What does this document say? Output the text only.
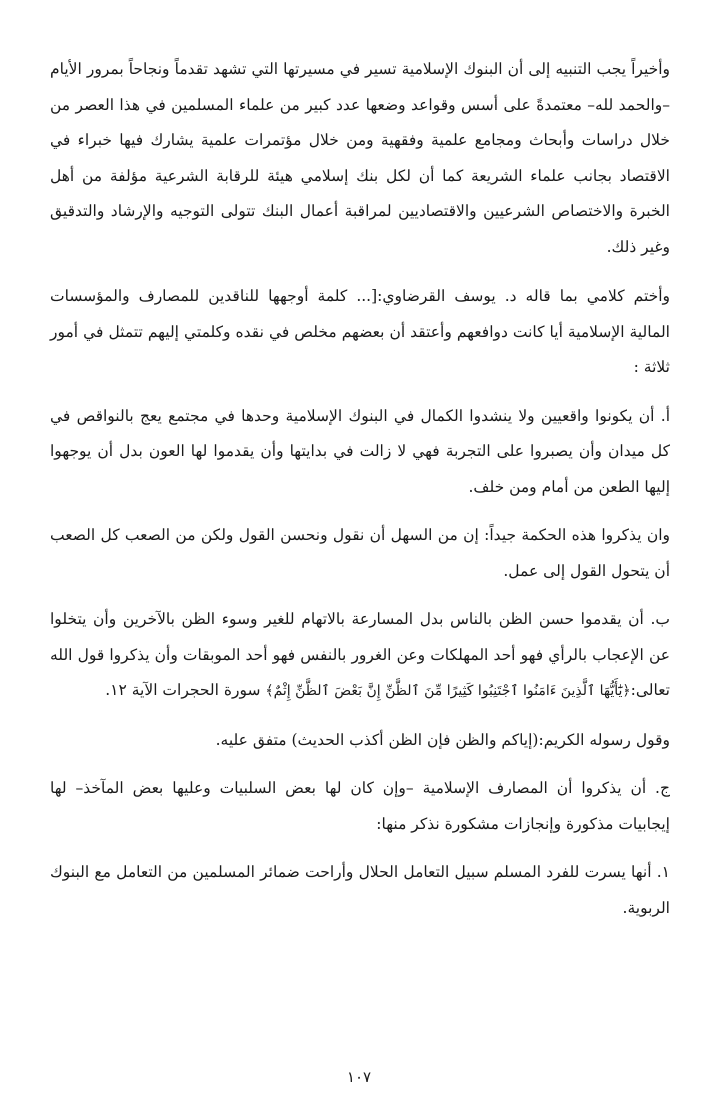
وأخيراً يجب التنبيه إلى أن البنوك الإسلامية تسير في مسيرتها التي تشهد تقدماً ونجاحاً بمرور الأيام –والحمد لله– معتمدةً على أسس وقواعد وضعها عدد كبير من علماء المسلمين في هذا العصر من خلال دراسات وأبحاث ومجامع علمية وفقهية ومن خلال مؤتمرات علمية يشارك فيها خبراء في الاقتصاد بجانب علماء الشريعة كما أن لكل بنك إسلامي هيئة للرقابة الشرعية مؤلفة من أهل الخبرة والاختصاص الشرعيين والاقتصاديين لمراقبة أعمال البنك تتولى التوجيه والإرشاد والتدقيق وغير ذلك.

وأختم كلامي بما قاله د. يوسف القرضاوي:[... كلمة أوجهها للناقدين للمصارف والمؤسسات المالية الإسلامية أيا كانت دوافعهم وأعتقد أن بعضهم مخلص في نقده وكلمتي إليهم تتمثل في أمور ثلاثة :

أ. أن يكونوا واقعيين ولا ينشدوا الكمال في البنوك الإسلامية وحدها في مجتمع يعج بالنواقص في كل ميدان وأن يصبروا على التجربة فهي لا زالت في بدايتها وأن يقدموا لها العون بدل أن يوجهوا إليها الطعن من أمام ومن خلف.

وان يذكروا هذه الحكمة جيداً: إن من السهل أن نقول ونحسن القول ولكن من الصعب كل الصعب أن يتحول القول إلى عمل.

ب. أن يقدموا حسن الظن بالناس بدل المسارعة بالاتهام للغير وسوء الظن بالآخرين وأن يتخلوا عن الإعجاب بالرأي فهو أحد المهلكات وعن الغرور بالنفس فهو أحد الموبقات وأن يذكروا قول الله تعالى:﴿يَٰٓأَيُّهَا ٱلَّذِينَ ءَامَنُوا ٱجْتَنِبُوا كَثِيرًا مِّنَ ٱلظَّنِّ إِنَّ بَعْضَ ٱلظَّنِّ إِثْمٌ﴾ سورة الحجرات الآية ١٢.

وقول رسوله الكريم:(إياكم والظن فإن الظن أكذب الحديث) متفق عليه.

ج. أن يذكروا أن المصارف الإسلامية –وإن كان لها بعض السلبيات وعليها بعض المآخذ– لها إيجابيات مذكورة وإنجازات مشكورة نذكر منها:

١. أنها يسرت للفرد المسلم سبيل التعامل الحلال وأراحت ضمائر المسلمين من التعامل مع البنوك الربوية.

١٠٧
